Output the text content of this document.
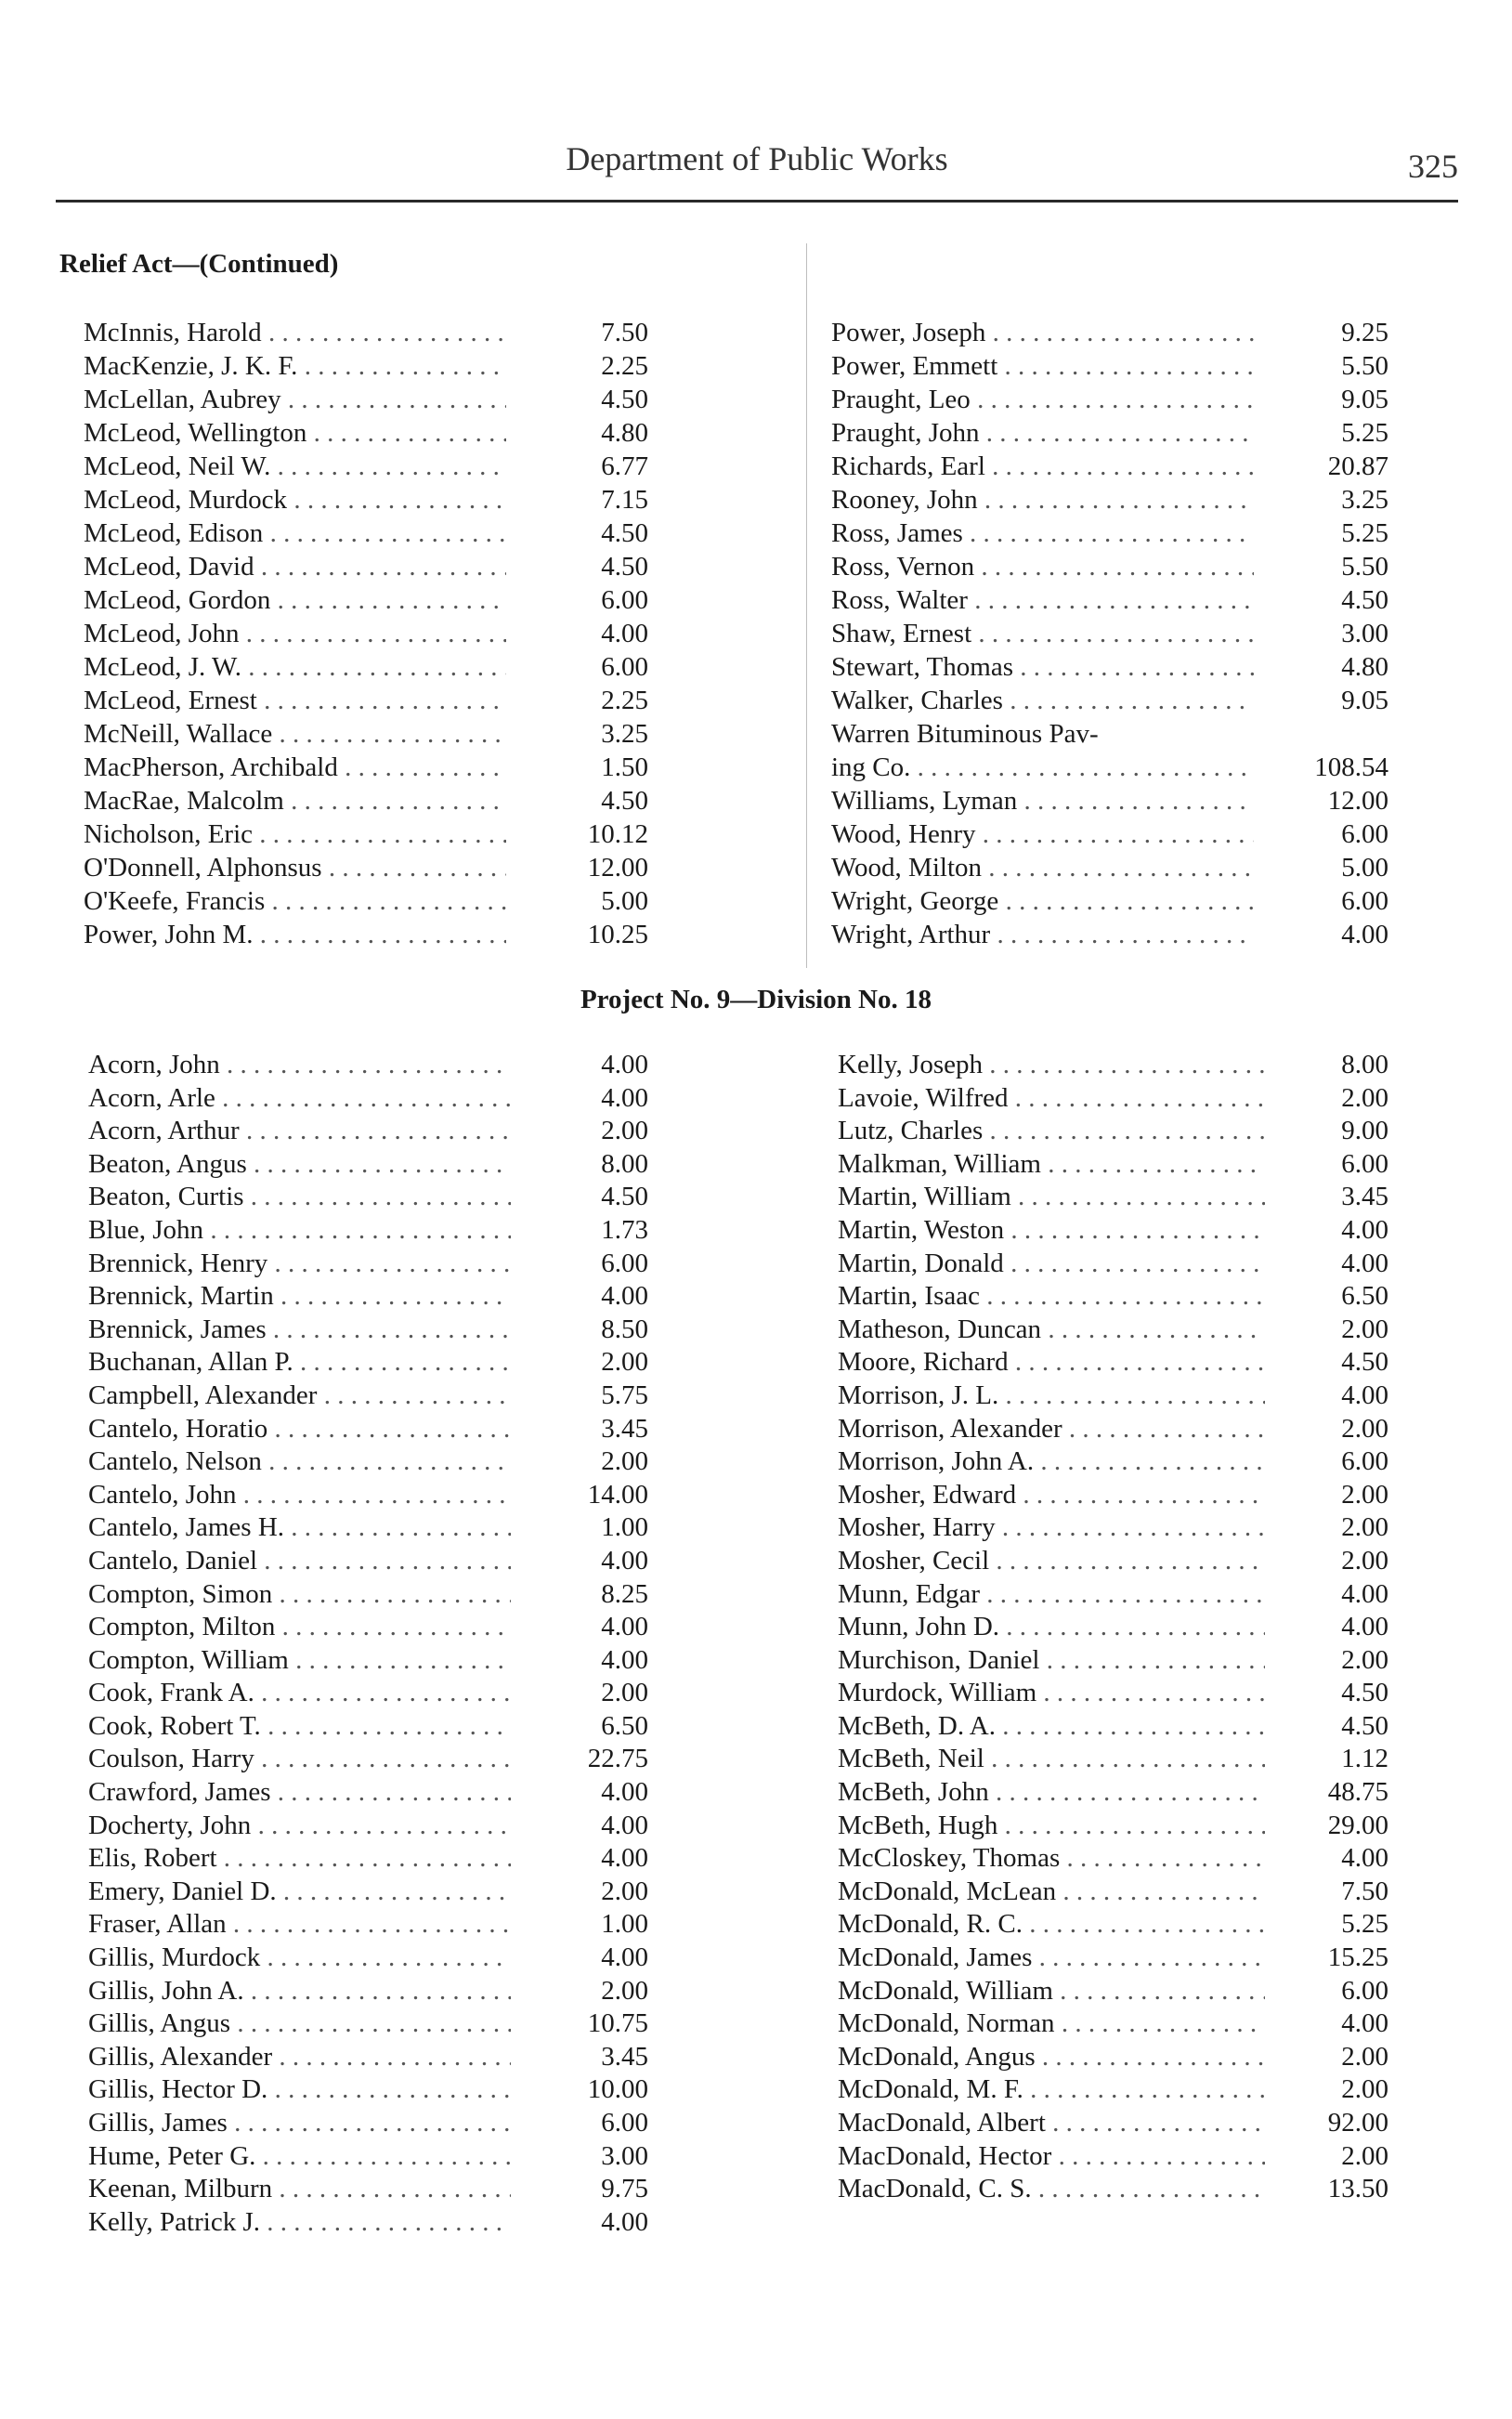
Department of Public Works	325
Relief Act—(Continued)
McInnis, Harold . . .	7.50
MacKenzie, J. K. F. . . .	2.25
McLellan, Aubrey . . .	4.50
McLeod, Wellington . . .	4.80
McLeod, Neil W. . . .	6.77
McLeod, Murdock . . .	7.15
McLeod, Edison . . .	4.50
McLeod, David . . .	4.50
McLeod, Gordon . . .	6.00
McLeod, John . . .	4.00
McLeod, J. W. . . .	6.00
McLeod, Ernest . . .	2.25
McNeill, Wallace . . .	3.25
MacPherson, Archibald . . .	1.50
MacRae, Malcolm . . .	4.50
Nicholson, Eric . . .	10.12
O'Donnell, Alphonsus . . .	12.00
O'Keefe, Francis . . .	5.00
Power, John M. . . .	10.25
Power, Joseph . . .	9.25
Power, Emmett . . .	5.50
Praught, Leo . . .	9.05
Praught, John . . .	5.25
Richards, Earl . . .	20.87
Rooney, John . . .	3.25
Ross, James . . .	5.25
Ross, Vernon . . .	5.50
Ross, Walter . . .	4.50
Shaw, Ernest . . .	3.00
Stewart, Thomas . . .	4.80
Walker, Charles . . .	9.05
Warren Bituminous Pav-
ing Co. . . .	108.54
Williams, Lyman . . .	12.00
Wood, Henry . . .	6.00
Wood, Milton . . .	5.00
Wright, George . . .	6.00
Wright, Arthur . . .	4.00
Project No. 9—Division No. 18
Acorn, John . . .	4.00
Acorn, Arle . . .	4.00
Acorn, Arthur . . .	2.00
Beaton, Angus . . .	8.00
Beaton, Curtis . . .	4.50
Blue, John . . .	1.73
Brennick, Henry . . .	6.00
Brennick, Martin . . .	4.00
Brennick, James . . .	8.50
Buchanan, Allan P. . . .	2.00
Campbell, Alexander . . .	5.75
Cantelo, Horatio . . .	3.45
Cantelo, Nelson . . .	2.00
Cantelo, John . . .	14.00
Cantelo, James H. . . .	1.00
Cantelo, Daniel . . .	4.00
Compton, Simon . . .	8.25
Compton, Milton . . .	4.00
Compton, William . . .	4.00
Cook, Frank A. . . .	2.00
Cook, Robert T. . . .	6.50
Coulson, Harry . . .	22.75
Crawford, James . . .	4.00
Docherty, John . . .	4.00
Elis, Robert . . .	4.00
Emery, Daniel D. . . .	2.00
Fraser, Allan . . .	1.00
Gillis, Murdock . . .	4.00
Gillis, John A. . . .	2.00
Gillis, Angus . . .	10.75
Gillis, Alexander . . .	3.45
Gillis, Hector D. . . .	10.00
Gillis, James . . .	6.00
Hume, Peter G. . . .	3.00
Keenan, Milburn . . .	9.75
Kelly, Patrick J. . . .	4.00
Kelly, Joseph . . .	8.00
Lavoie, Wilfred . . .	2.00
Lutz, Charles . . .	9.00
Malkman, William . . .	6.00
Martin, William . . .	3.45
Martin, Weston . . .	4.00
Martin, Donald . . .	4.00
Martin, Isaac . . .	6.50
Matheson, Duncan . . .	2.00
Moore, Richard . . .	4.50
Morrison, J. L. . . .	4.00
Morrison, Alexander . . .	2.00
Morrison, John A. . . .	6.00
Mosher, Edward . . .	2.00
Mosher, Harry . . .	2.00
Mosher, Cecil . . .	2.00
Munn, Edgar . . .	4.00
Munn, John D. . . .	4.00
Murchison, Daniel . . .	2.00
Murdock, William . . .	4.50
McBeth, D. A. . . .	4.50
McBeth, Neil . . .	1.12
McBeth, John . . .	48.75
McBeth, Hugh . . .	29.00
McCloskey, Thomas . . .	4.00
McDonald, McLean . . .	7.50
McDonald, R. C. . . .	5.25
McDonald, James . . .	15.25
McDonald, William . . .	6.00
McDonald, Norman . . .	4.00
McDonald, Angus . . .	2.00
McDonald, M. F. . . .	2.00
MacDonald, Albert . . .	92.00
MacDonald, Hector . . .	2.00
MacDonald, C. S. . . .	13.50
